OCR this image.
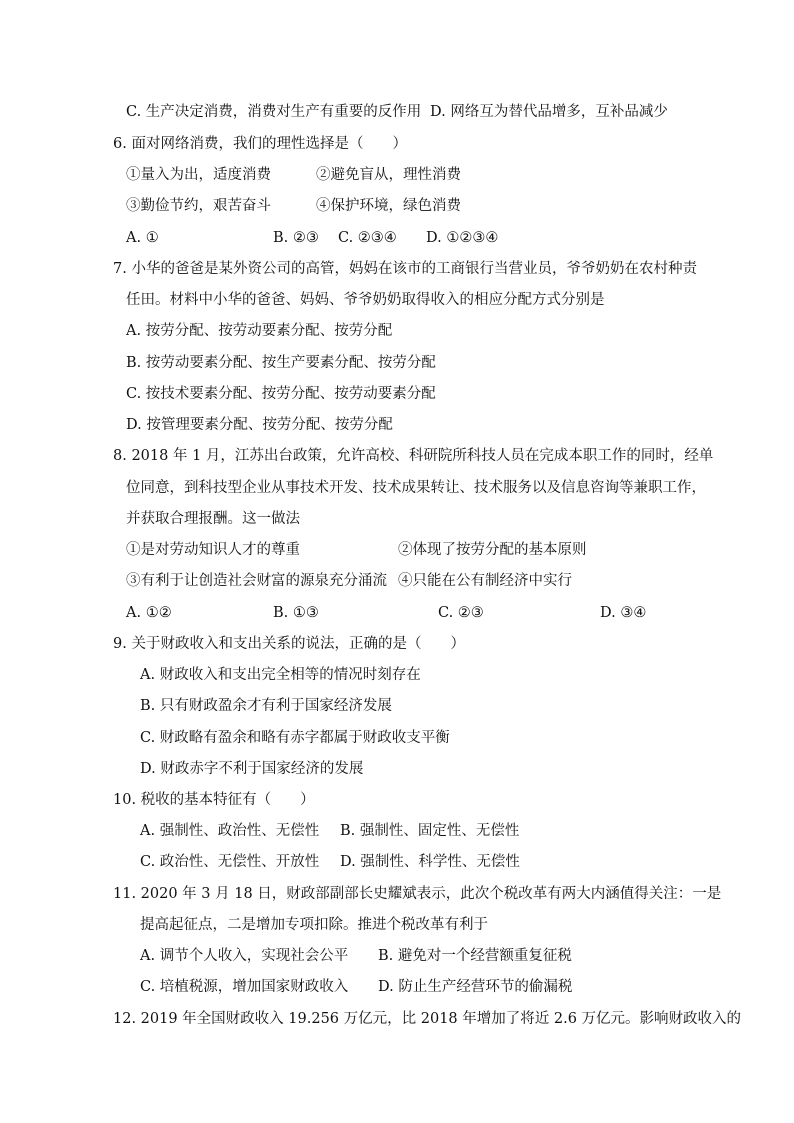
C. 生产决定消费，消费对生产有重要的反作用 D. 网络互为替代品增多，互补品减少
6. 面对网络消费，我们的理性选择是（　　）
①量入为出，适度消费	②避免盲从，理性消费
③勤俭节约，艰苦奋斗	④保护环境，绿色消费
A. ①	B. ②③ C. ②③④ D. ①②③④
7. 小华的爸爸是某外资公司的高管，妈妈在该市的工商银行当营业员，爷爷奶奶在农村种责
任田。材料中小华的爸爸、妈妈、爷爷奶奶取得收入的相应分配方式分别是
A. 按劳分配、按劳动要素分配、按劳分配
B. 按劳动要素分配、按生产要素分配、按劳分配
C. 按技术要素分配、按劳分配、按劳动要素分配
D. 按管理要素分配、按劳分配、按劳分配
8. 2018 年 1 月，江苏出台政策，允许高校、科研院所科技人员在完成本职工作的同时，经单
位同意，到科技型企业从事技术开发、技术成果转让、技术服务以及信息咨询等兼职工作，
并获取合理报酬。这一做法
①是对劳动知识人才的尊重	②体现了按劳分配的基本原则
③有利于让创造社会财富的源泉充分涌流 ④只能在公有制经济中实行
A. ①②	B. ①③	C. ②③	D. ③④
9. 关于财政收入和支出关系的说法，正确的是（　　）
A. 财政收入和支出完全相等的情况时刻存在
B. 只有财政盈余才有利于国家经济发展
C. 财政略有盈余和略有赤字都属于财政收支平衡
D. 财政赤字不利于国家经济的发展
10. 税收的基本特征有（　　）
A. 强制性、政治性、无偿性 B. 强制性、固定性、无偿性
C. 政治性、无偿性、开放性 D. 强制性、科学性、无偿性
11. 2020 年 3 月 18 日，财政部副部长史耀斌表示，此次个税改革有两大内涵值得关注：一是
提高起征点，二是增加专项扣除。推进个税改革有利于
A. 调节个人收入，实现社会公平 B. 避免对一个经营额重复征税
C. 培植税源，增加国家财政收入 D. 防止生产经营环节的偷漏税
12. 2019 年全国财政收入 19.256 万亿元，比 2018 年增加了将近 2.6 万亿元。影响财政收入的
